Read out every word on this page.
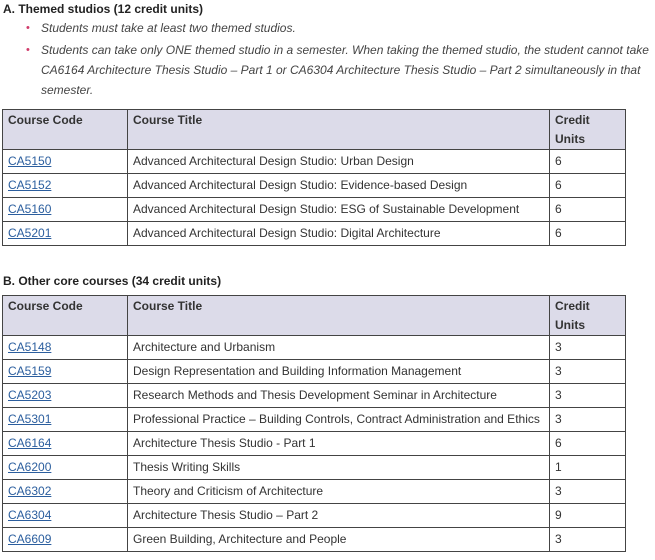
A. Themed studios (12 credit units)
• Students must take at least two themed studios.
• Students can take only ONE themed studio in a semester. When taking the themed studio, the student cannot take CA6164 Architecture Thesis Studio – Part 1 or CA6304 Architecture Thesis Studio – Part 2 simultaneously in that semester.
Course Code	Course Title	Credit Units
CA5150	Advanced Architectural Design Studio: Urban Design	6
CA5152	Advanced Architectural Design Studio: Evidence-based Design	6
CA5160	Advanced Architectural Design Studio: ESG of Sustainable Development	6
CA5201	Advanced Architectural Design Studio: Digital Architecture	6
B. Other core courses (34 credit units)
Course Code	Course Title	Credit Units
CA5148	Architecture and Urbanism	3
CA5159	Design Representation and Building Information Management	3
CA5203	Research Methods and Thesis Development Seminar in Architecture	3
CA5301	Professional Practice – Building Controls, Contract Administration and Ethics	3
CA6164	Architecture Thesis Studio - Part 1	6
CA6200	Thesis Writing Skills	1
CA6302	Theory and Criticism of Architecture	3
CA6304	Architecture Thesis Studio – Part 2	9
CA6609	Green Building, Architecture and People	3
